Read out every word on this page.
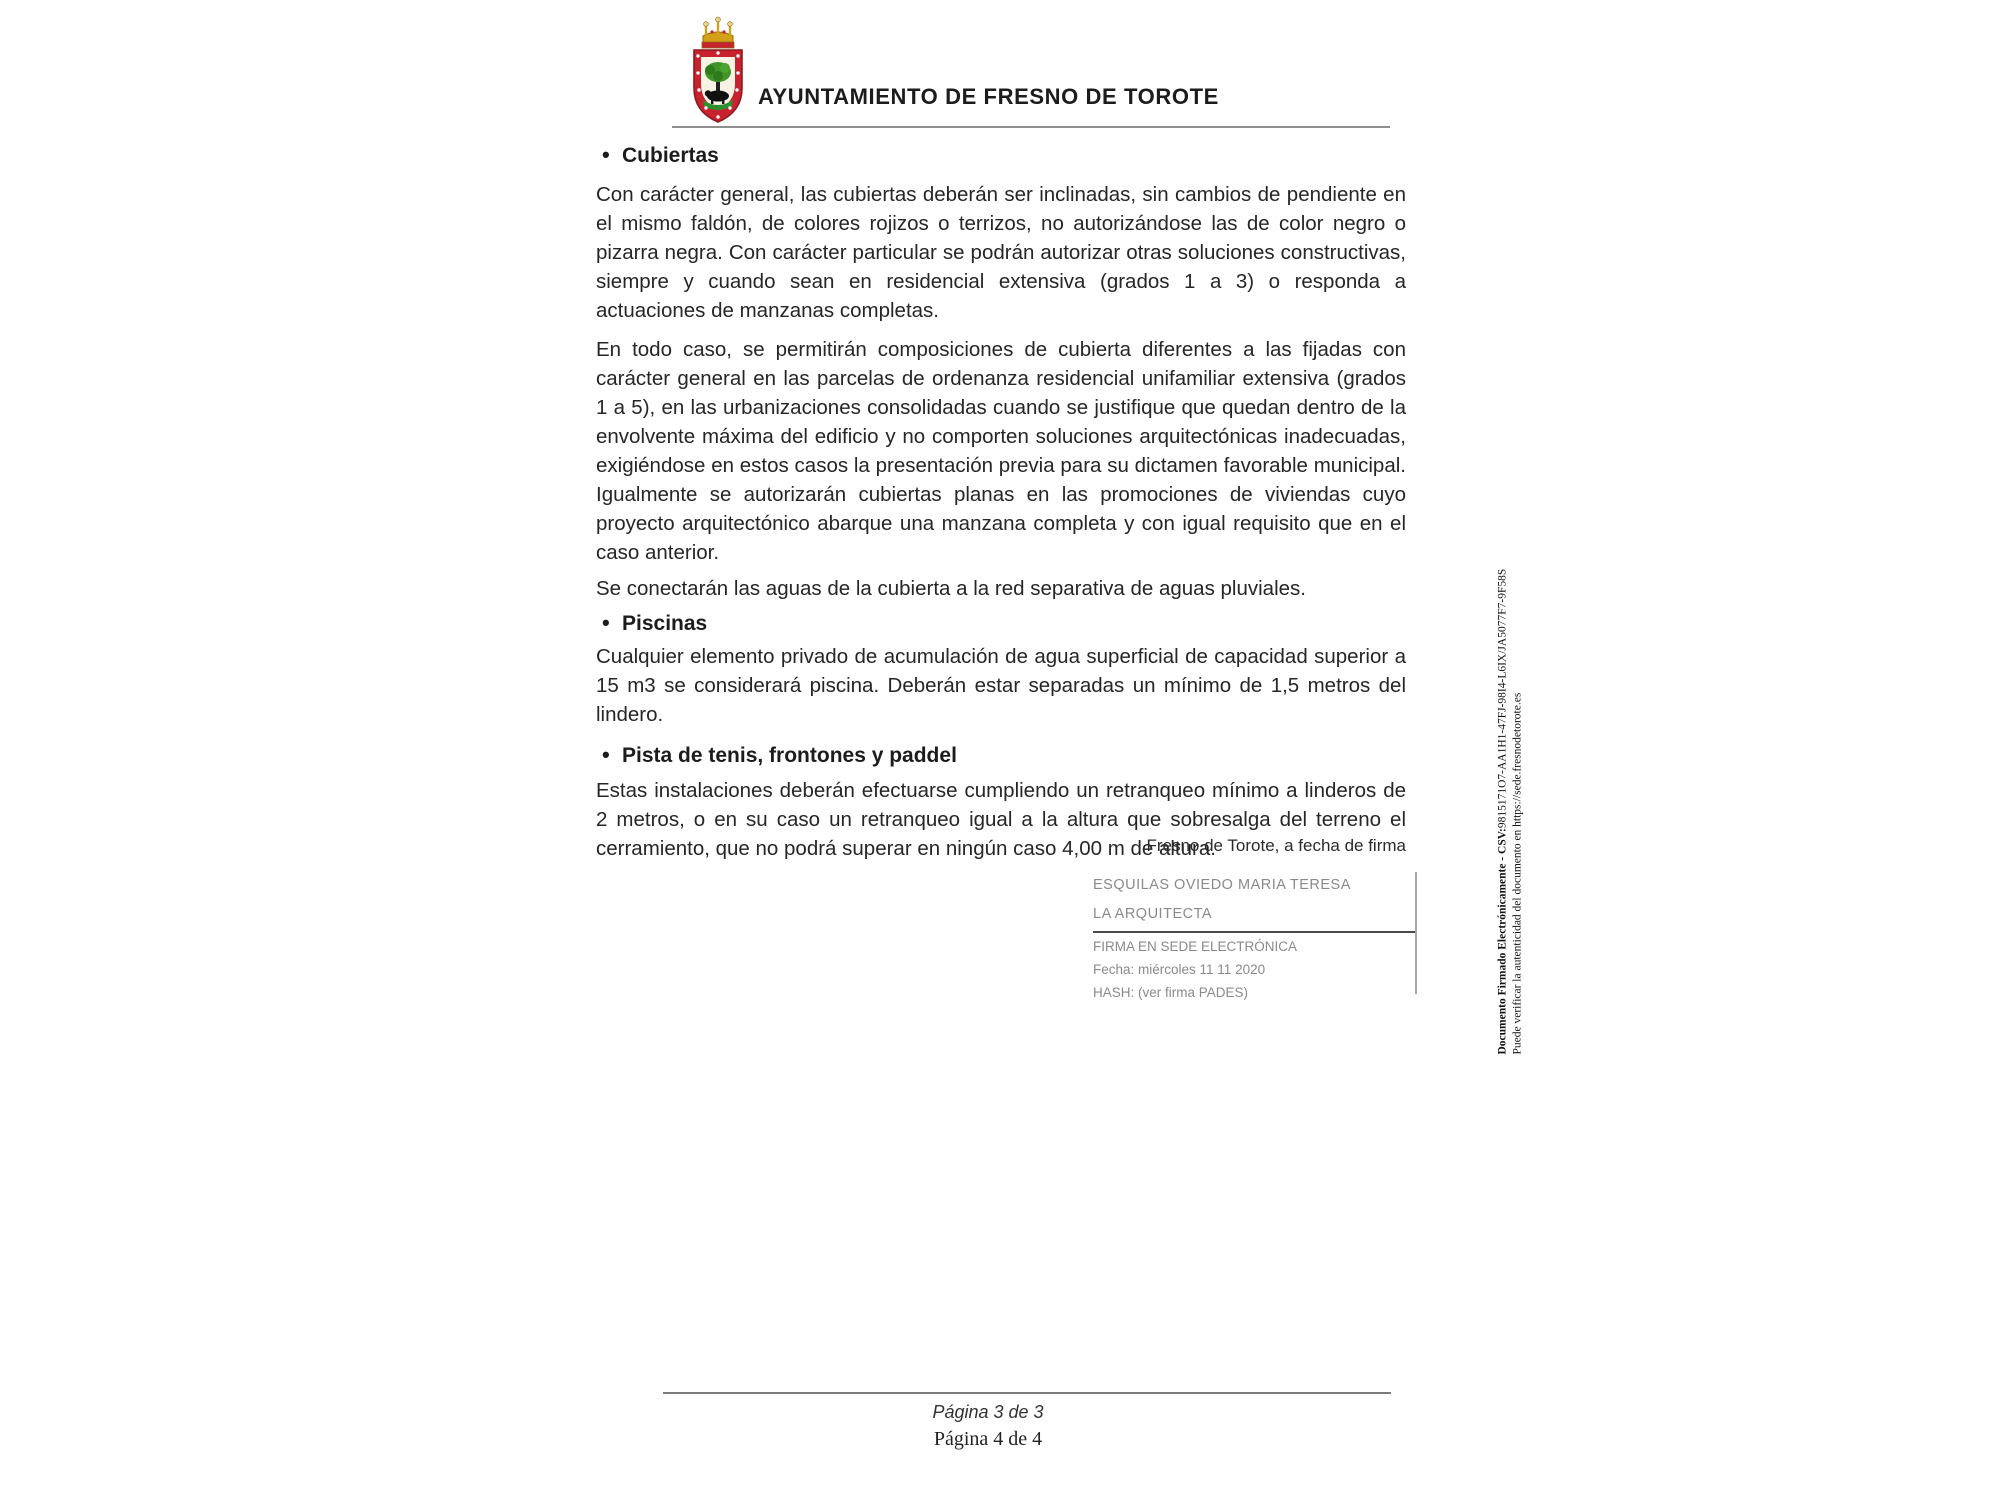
AYUNTAMIENTO DE FRESNO DE TOROTE
• Cubiertas

Con carácter general, las cubiertas deberán ser inclinadas, sin cambios de pendiente en el mismo faldón, de colores rojizos o terrizos, no autorizándose las de color negro o pizarra negra. Con carácter particular se podrán autorizar otras soluciones constructivas, siempre y cuando sean en residencial extensiva (grados 1 a 3) o responda a actuaciones de manzanas completas.

En todo caso, se permitirán composiciones de cubierta diferentes a las fijadas con carácter general en las parcelas de ordenanza residencial unifamiliar extensiva (grados 1 a 5), en las urbanizaciones consolidadas cuando se justifique que quedan dentro de la envolvente máxima del edificio y no comporten soluciones arquitectónicas inadecuadas, exigiéndose en estos casos la presentación previa para su dictamen favorable municipal. Igualmente se autorizarán cubiertas planas en las promociones de viviendas cuyo proyecto arquitectónico abarque una manzana completa y con igual requisito que en el caso anterior.

Se conectarán las aguas de la cubierta a la red separativa de aguas pluviales.

• Piscinas

Cualquier elemento privado de acumulación de agua superficial de capacidad superior a 15 m3 se considerará piscina. Deberán estar separadas un mínimo de 1,5 metros del lindero.

• Pista de tenis, frontones y paddel

Estas instalaciones deberán efectuarse cumpliendo un retranqueo mínimo a linderos de 2 metros, o en su caso un retranqueo igual a la altura que sobresalga del terreno el cerramiento, que no podrá superar en ningún caso 4,00 m de altura.

Fresno de Torote, a fecha de firma
ESQUILAS OVIEDO MARIA TERESA
LA ARQUITECTA
FIRMA EN SEDE ELECTRÓNICA
Fecha: miércoles 11 11 2020
HASH: (ver firma PADES)	Documento Firmado Electrónicamente - CSV:9815171O7-AA1H1-47FJ-98I4-L6IX/JA5077F7-9F58S Puede verificar la autenticidad del documento en https://sede.fresnodetorote.es
Página 3 de 3
Página 4 de 4
